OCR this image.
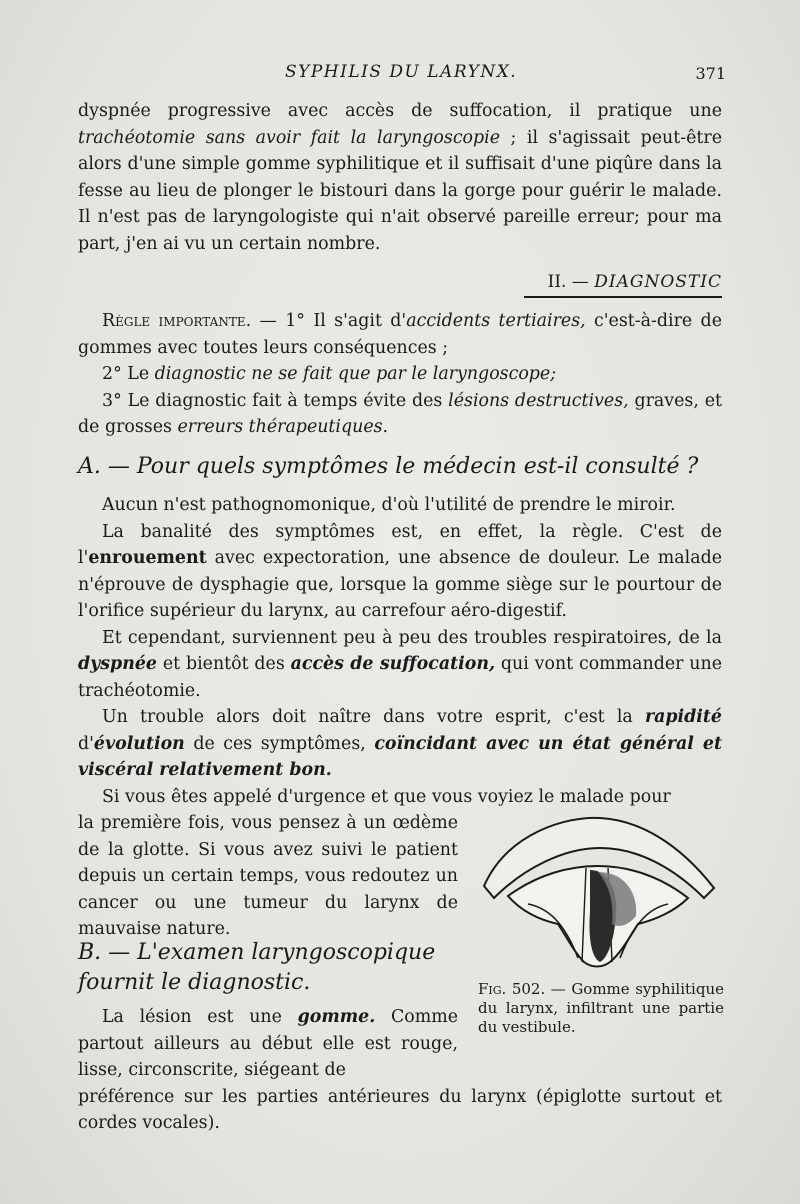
SYPHILIS DU LARYNX.	371

dyspnée progressive avec accès de suffocation, il pratique une trachéotomie sans avoir fait la laryngoscopie ; il s'agissait peut-être alors d'une simple gomme syphilitique et il suffisait d'une piqûre dans la fesse au lieu de plonger le bistouri dans la gorge pour guérir le malade. Il n'est pas de laryngologiste qui n'ait observé pareille erreur; pour ma part, j'en ai vu un certain nombre.

II. — DIAGNOSTIC

Règle importante. — 1° Il s'agit d'accidents tertiaires, c'est-à-dire de gommes avec toutes leurs conséquences ;

2° Le diagnostic ne se fait que par le laryngoscope;

3° Le diagnostic fait à temps évite des lésions destructives, graves, et de grosses erreurs thérapeutiques.

A. — Pour quels symptômes le médecin est-il consulté ?

Aucun n'est pathognomonique, d'où l'utilité de prendre le miroir.

La banalité des symptômes est, en effet, la règle. C'est de l'enrouement avec expectoration, une absence de douleur. Le malade n'éprouve de dysphagie que, lorsque la gomme siège sur le pourtour de l'orifice supérieur du larynx, au carrefour aéro-digestif.

Et cependant, surviennent peu à peu des troubles respiratoires, de la dyspnée et bientôt des accès de suffocation, qui vont commander une trachéotomie.

Un trouble alors doit naître dans votre esprit, c'est la rapidité d'évolution de ces symptômes, coïncidant avec un état général et viscéral relativement bon.

Si vous êtes appelé d'urgence et que vous voyiez le malade pour

la première fois, vous pensez à un œdème de la glotte. Si vous avez suivi le patient depuis un certain temps, vous redoutez un cancer ou une tumeur du larynx de mauvaise nature.

B. — L'examen laryngoscopique fournit le diagnostic.

La lésion est une gomme. Comme partout ailleurs au début elle est rouge, lisse, circonscrite, siégeant de

préférence sur les parties antérieures du larynx (épiglotte surtout et cordes vocales).

Fig. 502. — Gomme syphilitique du larynx, infiltrant une partie du vestibule.
